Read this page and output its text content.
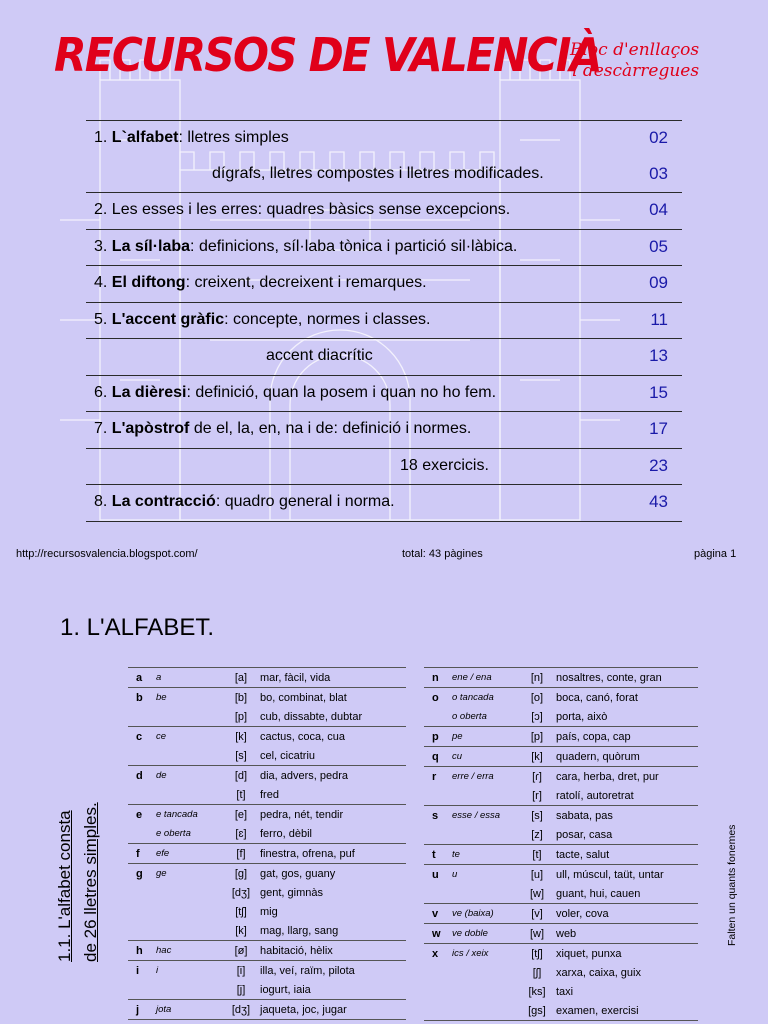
RECURSOS DE VALENCIÀ
Bloc d'enllaços
i descàrregues
1. L`alfabet: lletres simples	02
dígrafs, lletres compostes i lletres modificades.	03
2. Les esses i les erres: quadres bàsics sense excepcions.	04
3. La síl·laba: definicions, síl·laba tònica i partició sil·làbica.	05
4. El diftong: creixent, decreixent i remarques.	09
5. L'accent gràfic: concepte, normes i classes.	11
accent diacrític	13
6. La dièresi: definició, quan la posem i quan no ho fem.	15
7. L'apòstrof de el, la, en, na i de: definició i normes.	17
18 exercicis.	23
8. La contracció: quadro general i norma.	43
http://recursosvalencia.blogspot.com/	total: 43 pàgines	pàgina 1
1. L'ALFABET.
1.1. L'alfabet consta de 26 lletres simples.	Falten un quants fonemes
a	a	[a]	mar, fàcil, vida
b	be	[b]	bo, combinat, blat
		[p]	cub, dissabte, dubtar
c	ce	[k]	cactus, coca, cua
		[s]	cel, cicatriu
d	de	[d]	dia, advers, pedra
		[t]	fred
e	e tancada	[e]	pedra, nét, tendir
	e oberta	[ɛ]	ferro, dèbil
f	efe	[f]	finestra, ofrena, puf
g	ge	[g]	gat, gos, guany
		[dʒ]	gent, gimnàs
		[tʃ]	mig
		[k]	mag, llarg, sang
h	hac	[ø]	habitació, hèlix
i	i	[i]	illa, veí, raïm, pilota
		[j]	iogurt, iaia
j	jota	[dʒ]	jaqueta, joc, jugar
n	ene / ena	[n]	nosaltres, conte, gran
o	o tancada	[o]	boca, canó, forat
	o oberta	[ɔ]	porta, això
p	pe	[p]	país, copa, cap
q	cu	[k]	quadern, quòrum
r	erre / erra	[ɾ]	cara, herba, dret, pur
		[r]	ratolí, autoretrat
s	esse / essa	[s]	sabata, pas
		[z]	posar, casa
t	te	[t]	tacte, salut
u	u	[u]	ull, múscul, taüt, untar
		[w]	guant, hui, cauen
v	ve (baixa)	[v]	voler, cova
w	ve doble	[w]	web
x	ics / xeix	[tʃ]	xiquet, punxa
		[ʃ]	xarxa, caixa, guix
		[ks]	taxi
		[gs]	examen, exercisi
